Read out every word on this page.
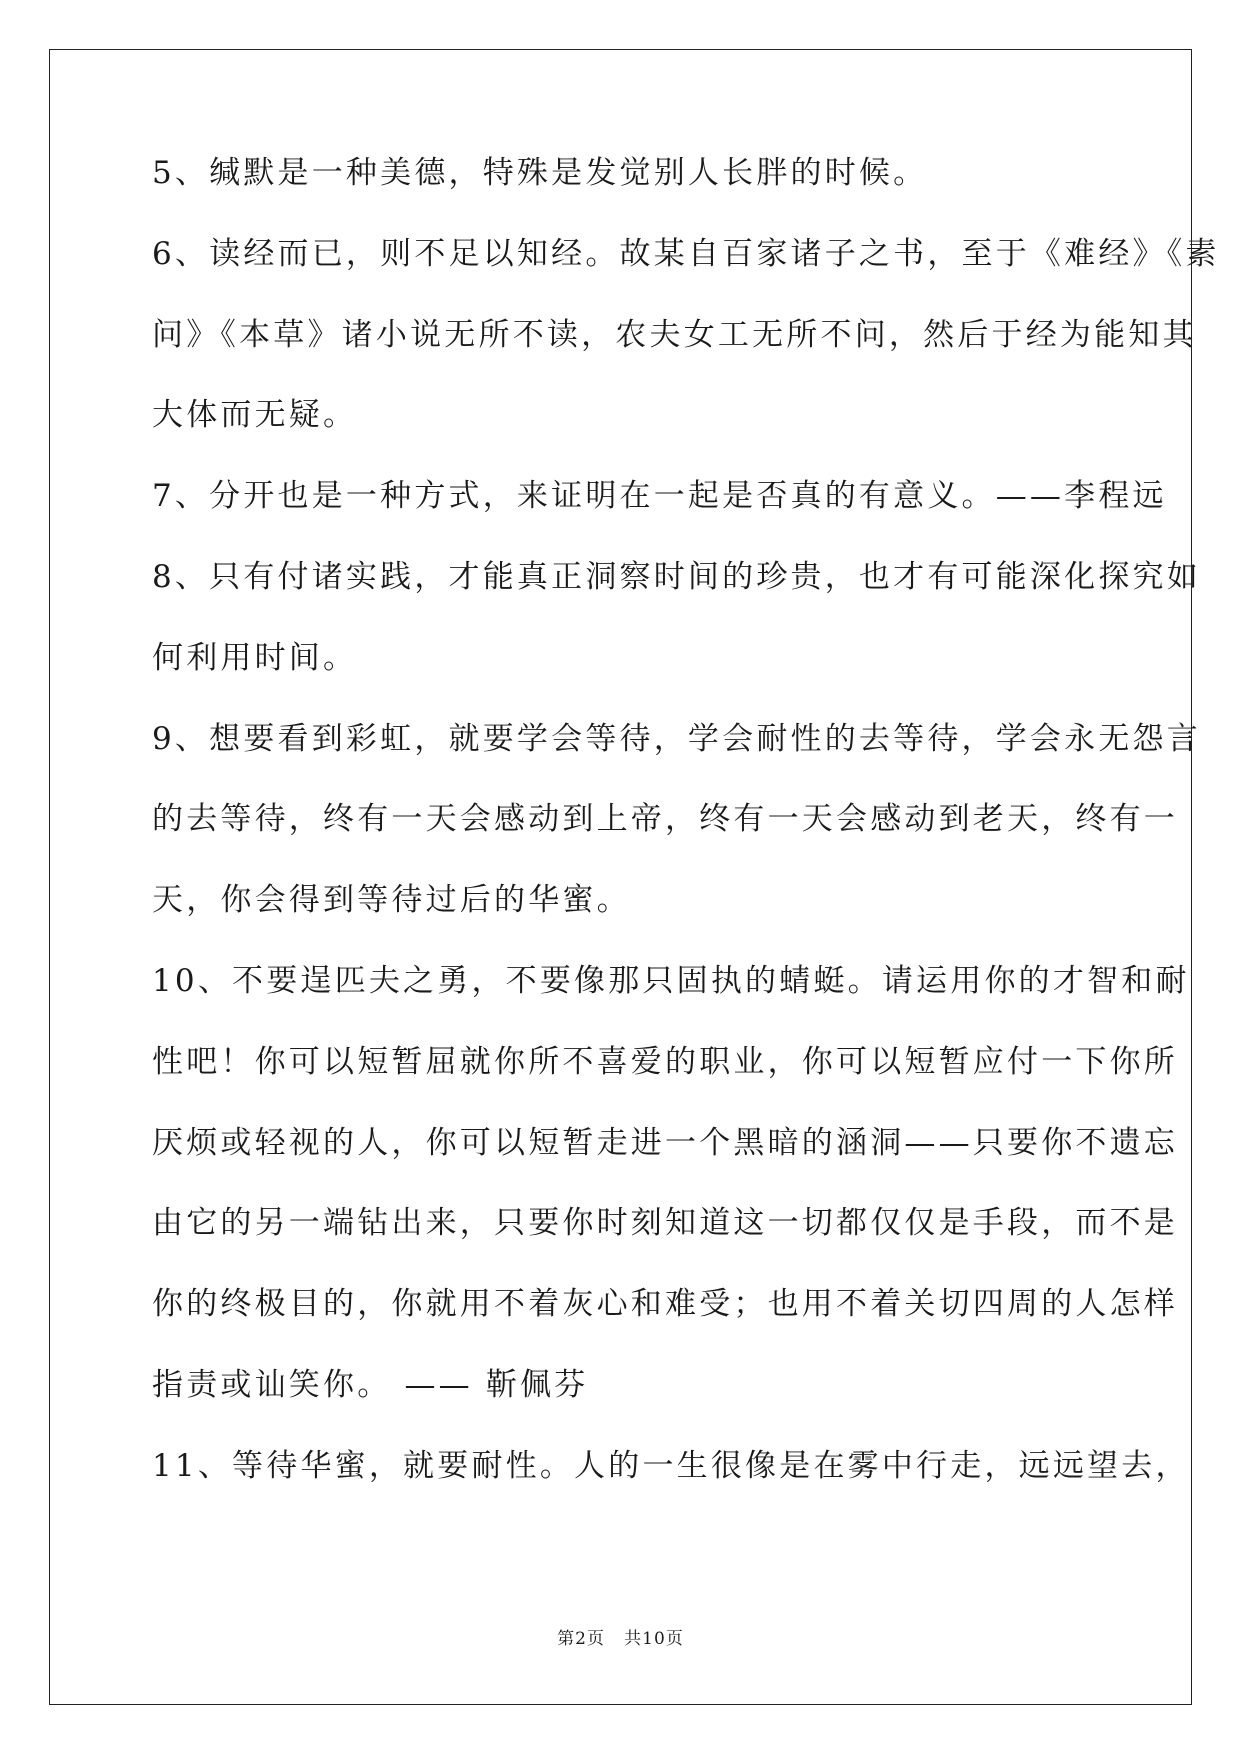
5、缄默是一种美德，特殊是发觉别人长胖的时候。
6、读经而已，则不足以知经。故某自百家诸子之书，至于《难经》《素
问》《本草》诸小说无所不读，农夫女工无所不问，然后于经为能知其
大体而无疑。
7、分开也是一种方式，来证明在一起是否真的有意义。——李程远
8、只有付诸实践，才能真正洞察时间的珍贵，也才有可能深化探究如
何利用时间。
9、想要看到彩虹，就要学会等待，学会耐性的去等待，学会永无怨言
的去等待，终有一天会感动到上帝，终有一天会感动到老天，终有一
天，你会得到等待过后的华蜜。
10、不要逞匹夫之勇，不要像那只固执的蜻蜓。请运用你的才智和耐
性吧！你可以短暂屈就你所不喜爱的职业，你可以短暂应付一下你所
厌烦或轻视的人，你可以短暂走进一个黑暗的涵洞——只要你不遗忘
由它的另一端钻出来，只要你时刻知道这一切都仅仅是手段，而不是
你的终极目的，你就用不着灰心和难受；也用不着关切四周的人怎样
指责或讪笑你。 —— 靳佩芬
11、等待华蜜，就要耐性。人的一生很像是在雾中行走，远远望去，
第2页   共10页
